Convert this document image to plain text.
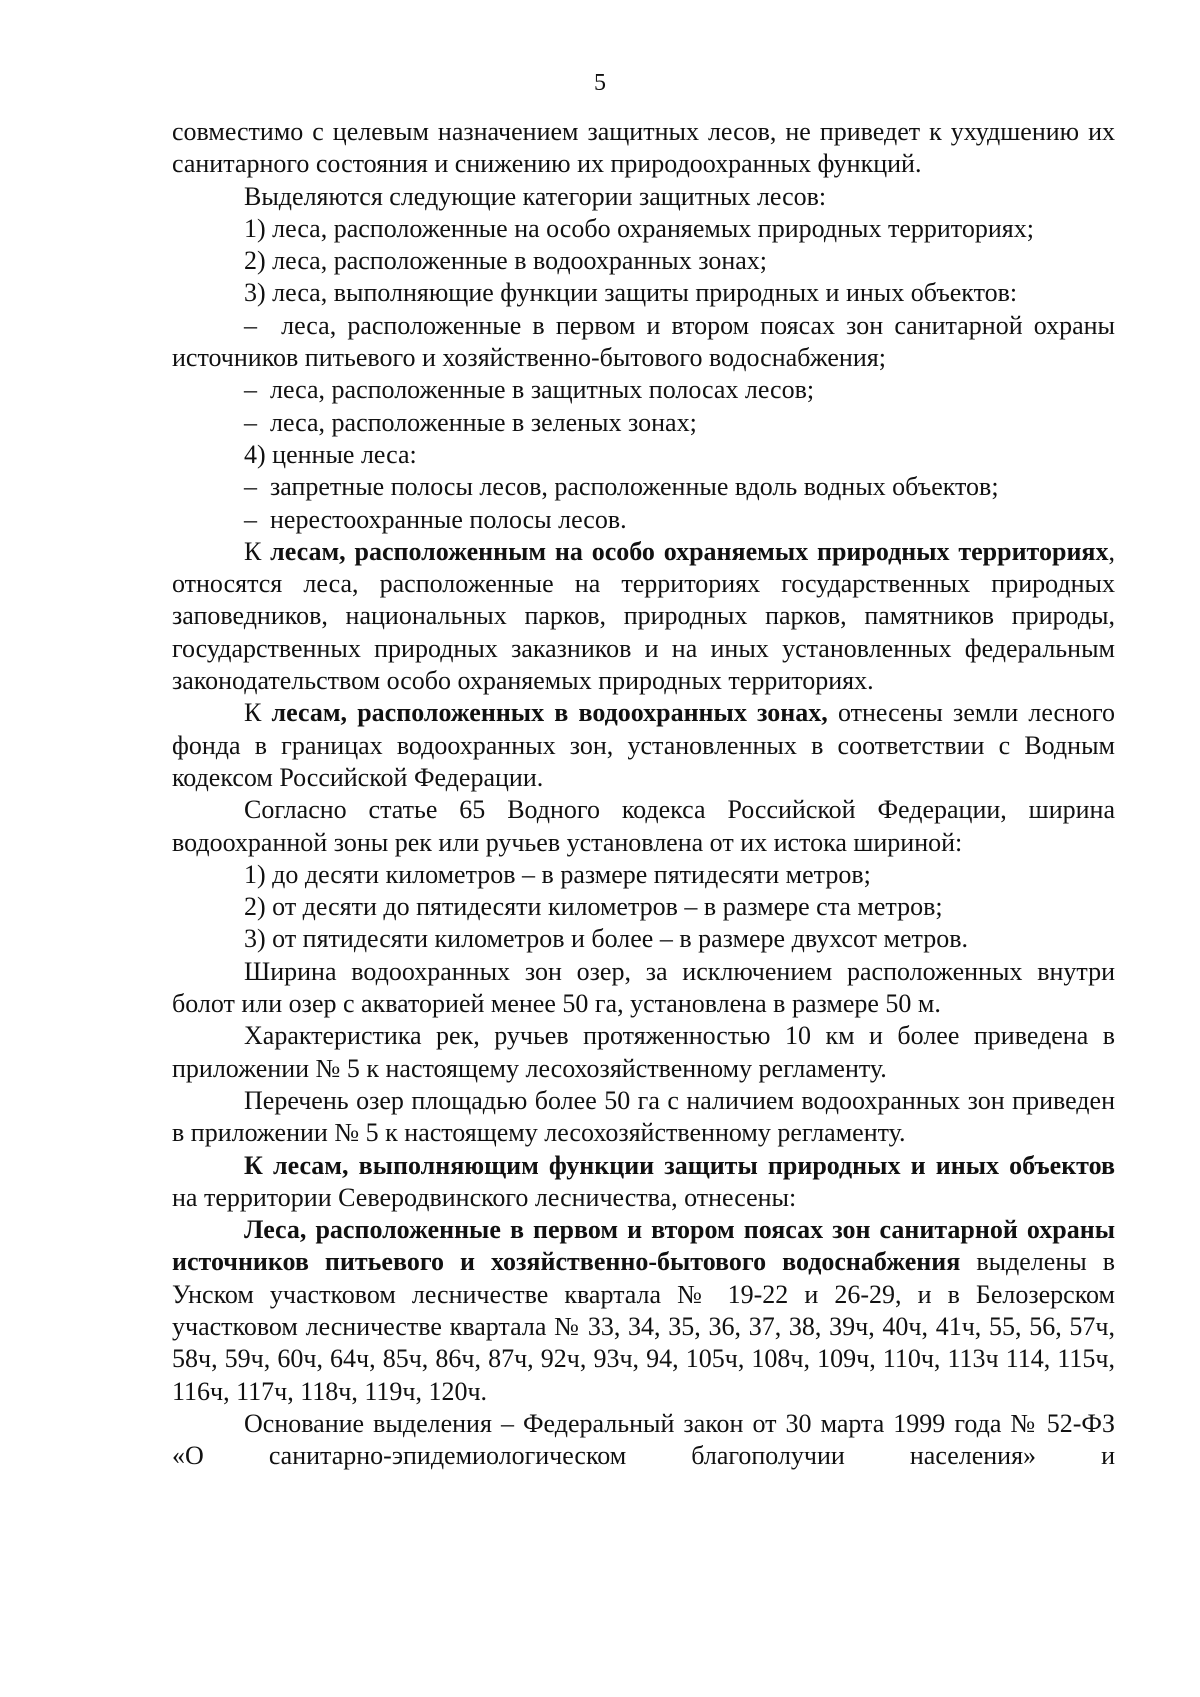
5

совместимо с целевым назначением защитных лесов, не приведет к ухудшению их санитарного состояния и снижению их природоохранных функций.

Выделяются следующие категории защитных лесов:

1) леса, расположенные на особо охраняемых природных территориях;

2) леса, расположенные в водоохранных зонах;

3) леса, выполняющие функции защиты природных и иных объектов:

– леса, расположенные в первом и втором поясах зон санитарной охраны источников питьевого и хозяйственно-бытового водоснабжения;

– леса, расположенные в защитных полосах лесов;

– леса, расположенные в зеленых зонах;

4) ценные леса:

– запретные полосы лесов, расположенные вдоль водных объектов;

– нерестоохранные полосы лесов.

К лесам, расположенным на особо охраняемых природных территориях, относятся леса, расположенные на территориях государственных природных заповедников, национальных парков, природных парков, памятников природы, государственных природных заказников и на иных установленных федеральным законодательством особо охраняемых природных территориях.

К лесам, расположенных в водоохранных зонах, отнесены земли лесного фонда в границах водоохранных зон, установленных в соответствии с Водным кодексом Российской Федерации.

Согласно статье 65 Водного кодекса Российской Федерации, ширина водоохранной зоны рек или ручьев установлена от их истока шириной:

1) до десяти километров – в размере пятидесяти метров;

2) от десяти до пятидесяти километров – в размере ста метров;

3) от пятидесяти километров и более – в размере двухсот метров.

Ширина водоохранных зон озер, за исключением расположенных внутри болот или озер с акваторией менее 50 га, установлена в размере 50 м.

Характеристика рек, ручьев протяженностью 10 км и более приведена в приложении № 5 к настоящему лесохозяйственному регламенту.

Перечень озер площадью более 50 га с наличием водоохранных зон приведен в приложении № 5 к настоящему лесохозяйственному регламенту.

К лесам, выполняющим функции защиты природных и иных объектов на территории Северодвинского лесничества, отнесены:

Леса, расположенные в первом и втором поясах зон санитарной охраны источников питьевого и хозяйственно-бытового водоснабжения выделены в Унском участковом лесничестве квартала № 19-22 и 26-29, и в Белозерском участковом лесничестве квартала № 33, 34, 35, 36, 37, 38, 39ч, 40ч, 41ч, 55, 56, 57ч, 58ч, 59ч, 60ч, 64ч, 85ч, 86ч, 87ч, 92ч, 93ч, 94, 105ч, 108ч, 109ч, 110ч, 113ч 114, 115ч, 116ч, 117ч, 118ч, 119ч, 120ч.

Основание выделения – Федеральный закон от 30 марта 1999 года № 52-ФЗ «О санитарно-эпидемиологическом благополучии населения» и
